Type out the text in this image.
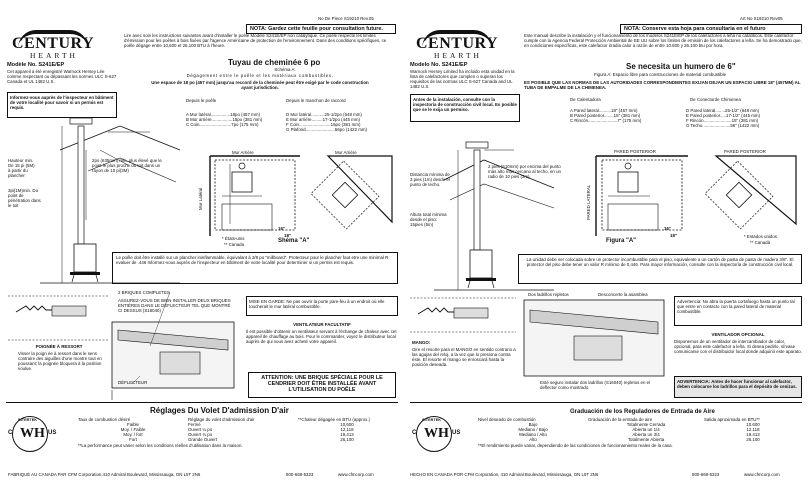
No De Piece S19210 Rev.05
NOTA: Gardez cette feuille pour consultation future.
CENTURY
HEARTH
Modèle No. S241E/EP
Cet appareil a été enregistré Warnock Hersey Lée comme respectant ou dépassant les normes ULC S-627 Canada et UL 1482 U.S.
Informez-vous auprès de l'inspecteur en bâtiment de votre localité pour savoir si un permis est requis.
Lire avec soin les instructions suivantes avant d'installer le poêle Modèle S241E/EP non catalytique. Ce poêle respecte les limites d'émission pour les poêles à bois fixées par l'agence Américaine de protection de l'environnement. Dans des conditions spécifiques, ce poêle dégage entre 10,600 et 26,100 BTU à l'heure.
Tuyau de cheminée 6 po
Schéma A:
Dégagement entre le poêle et les matériaux combustibles.
Une espace de 18 po (457 mm) jusqu'au reccord de la cheminée peut être exigé par le code construction ayant jurisdiction.
Depuis le poêle	Depuis le manchon de raccord
A Mur latéral................18po (457 mm)
B Mur arrière.................15po (381 mm)
C Coin..........................7po (175 mm)
D Mur latéral...........25-1/2po (648 mm)
E Mur arrière.........17-1/2po (445 mm)
F Coin..........................15po (381 mm)
G Plafond........................56po (1422 mm)
2po (635mm) min. plus élevé que le point le plus proche du toit dans un rayon de 10 pi(3M)
Hauteur min. De 15 pi (5M) à partir du plancher
3pi(1M)min. Du point de pénétration dans le toit
Mur Arrière	Mur Arrière
Mur Latéral
16"
18"
* États-unis
** Canada
Shéma "A"
Le poêle doit être installé sur un plancher ininflammable, équivalant à 3/8 po "millboard". Protecteur pour le plancher faut etre une minimal R evaluer de .446 Informez-vous auprès de l'inspecteur en bâtiment de votre localité pour determiner si un permis est requis.
2 BRIQUES COMPLETES
ASSUREZ-VOUS DE BIEN INSTALLER DEUX BRIQUES ENTIÈRES DANS LE DÉFLECTEUR TEL QUE MONTRÉ CI DESSUS (S16040)
POIGNÉE À RESSORT
Visser la poign ée à ressort dans le sens contraire des aiguilles d'une montre tout en poussant; la poignée bloquera à la position voulue.
DÉFLECTEUR
MISE EN GARDE: Ne pas ouvrir la porte pare-feu à un endroit où elle toucherait le mur latéral combustible.
VENTILATEUR FACULTATIF
Il est possible d'obtenir un ventilateur servant à l'échange de chaleur avec cet appareil de chauffage au bois. Pour le commander, voyez le distributeur local auprès de qui vous avez acheté votre appareil.
ATTENTION: UNE BRIQUE SPÉCIALE POUR LE CENDRIER DOIT ÊTRE INSTALLÉE AVANT L'UTILISATION DU POÊLE
INTERTEK
WH
C	US
Réglages Du Volet D'admission D'air
Taux de combustion désiré	Réglage du volet d'admission d'air	**Chaleur dégagée en BTU (approx.)
Faible	Fermé	10,600
Moy. / Faible	Ouvert ¼ po	12,118
Moy. / fort	Ouvert ¾ po	19,413
Fort	Grande Ouvert	26,100
**La performance peut varier selon les conditions réelles d'utilisation dans la maison.
FABRIQUÉ AU CANADA PAR CFM Corporation,410 Admiral Boulevard, Mississauga, ON L5T 2N6	800-668-5323	www.cfmcorp.com
Art No S19210 Rev05
NOTA: Conserve esta hoja para consultaria en el futuro
CENTURY
HEARTH
Modelo No. S241E/EP
Warnock Hersey Limited ha incluido esta unidad en la lista de calefactores que cumplen o superan los requisitos de las normas ULC S-627 Canada and UL 1482 U.S.
Antes de la instalación, consulte con la inspectoría de construcción civil local. Es posible que se le exija un permiso.
Este manual describe la instalación y el funcionamiento de los modelos S241E/EP de los calefactores a leña no catalíticos. Este calefactor cumple con la Agencia Federal Protección Ambiental de EE UU sobre los límites de emisión de los calefactores a leña. Se ha demostrado que, en condiciones específicas, este calefactor irradia calor a razón de entre 10.600 y 26.100 btu por hora.
Se necesita un humero de 6"
Figura A: Espacio libre para construcciones de material combustible
ES POSIBLE QUE LAS NORMAS DE LAS AUTORIDADES CORRESPONDIENTES EXIJAN DEJAR UN ESPACIO LIBRE 18" (457MM) AL TUBA DE EMPALME DE LA CHIMENEA.
De Calentadora	De Conectorde Chimenea
A Pared lateral..........18" (457 mm)
B Pared posterior........15" (381 mm)
C Rincón........................7" (175 mm)
D Pared lateral........25-1/2" (648 mm)
E Pared posterior.....17-1/2" (445 mm)
F Rincón.......................15" (381 mm)
G Techo.......................56" (1422 mm)
2 pies (610mm) por encima del punto más alto más cercano al techo, en un radio de 10 pies (3m).
Distancia mínima de 3 pies (1m) desde el punto de techo.
Altura total mínima desde el piso: 15pies (5m)
PARED POSTERIOR	PARED POSTERIOR
PARED LATERAL
16"
18"
Figura "A"
* Estados unidos
** Canadá
La unidad debe ser colocada sobre un protector incombustible para el piso, equivalente a un cartón de pasta de pasta de madera 3/8". El protector del piso debe tener un valor R mínimo de 0,446. Para mayor información, consulte con la inspectoría de construcción civil local.
Dos ladrillos repletos	Desconcerte la asamblea
Esté seguro instalar dos ladrillos (S16040) repletos en el deflector como mostrado
MANGO:
Gire el resorte para el MANGO en sentido contrario a las agujas del reloj, a la vez que lo presiona contra éste. El resorte el mango se enroscará hasta la posición deseada.
Advertencia: No abra la puerta cortafuego hasta un punto tal que entre en contacto con la pared lateral de material combustible.
VENTILADOR OPCIONAL
Disponemos de un ventilador de intercambiador de calor, opcional, para este calefactor a leña. Si desea pedirlo, sírvase comunicarse con el distribuidor local donde adquirió este aparato.
ADVERTENCIA: Antes de hacer funcionar al calefactor, deben colocarse los ladrillos para el depósito de cenizas.
INTERTEK
WH
C	US
Graduación de los Reguladores de Entrada de Aire
Nivel deseado de combustión	Graduación de la entrada de aire	Salida aproximada en BTU**
Bajo	Totalmente Cerrada	10.600
Mediano / Bajo	Abierta un 1/4	12.118
Mediano / Alto	Abierta un 3/4	19.413
Alto	Totalmente Abierta	26.100
**El rendimiento puede variar, dependiendo de las condiciones de funcionamiento reales de la casa.
HECHO EN CANADA POR CFM Corporation, 410 Admiral Boulevard, Mississauga, ON L5T 2N6	800-668-5323	www.cfmcorp.com
